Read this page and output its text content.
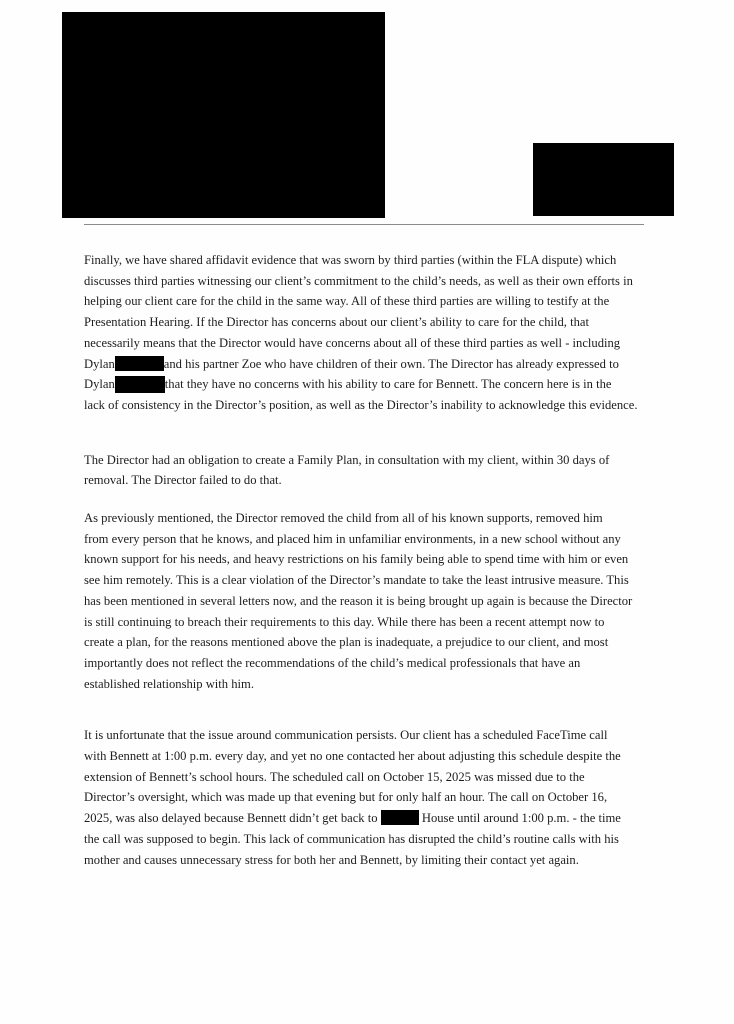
Finally, we have shared affidavit evidence that was sworn by third parties (within the FLA dispute) which
discusses third parties witnessing our client’s commitment to the child’s needs, as well as their own efforts in
helping our client care for the child in the same way. All of these third parties are willing to testify at the
Presentation Hearing. If the Director has concerns about our client’s ability to care for the child, that
necessarily means that the Director would have concerns about all of these third parties as well - including
Dylan	and his partner Zoe who have children of their own. The Director has already expressed to
Dylan	that they have no concerns with his ability to care for Bennett. The concern here is in the
lack of consistency in the Director’s position, as well as the Director’s inability to acknowledge this evidence.

The Director had an obligation to create a Family Plan, in consultation with my client, within 30 days of
removal. The Director failed to do that.

As previously mentioned, the Director removed the child from all of his known supports, removed him
from every person that he knows, and placed him in unfamiliar environments, in a new school without any
known support for his needs, and heavy restrictions on his family being able to spend time with him or even
see him remotely. This is a clear violation of the Director’s mandate to take the least intrusive measure. This
has been mentioned in several letters now, and the reason it is being brought up again is because the Director
is still continuing to breach their requirements to this day. While there has been a recent attempt now to
create a plan, for the reasons mentioned above the plan is inadequate, a prejudice to our client, and most
importantly does not reflect the recommendations of the child’s medical professionals that have an
established relationship with him.

It is unfortunate that the issue around communication persists. Our client has a scheduled FaceTime call
with Bennett at 1:00 p.m. every day, and yet no one contacted her about adjusting this schedule despite the
extension of Bennett’s school hours. The scheduled call on October 15, 2025 was missed due to the
Director’s oversight, which was made up that evening but for only half an hour. The call on October 16,
2025, was also delayed because Bennett didn’t get back to	House until around 1:00 p.m. - the time
the call was supposed to begin. This lack of communication has disrupted the child’s routine calls with his
mother and causes unnecessary stress for both her and Bennett, by limiting their contact yet again.
